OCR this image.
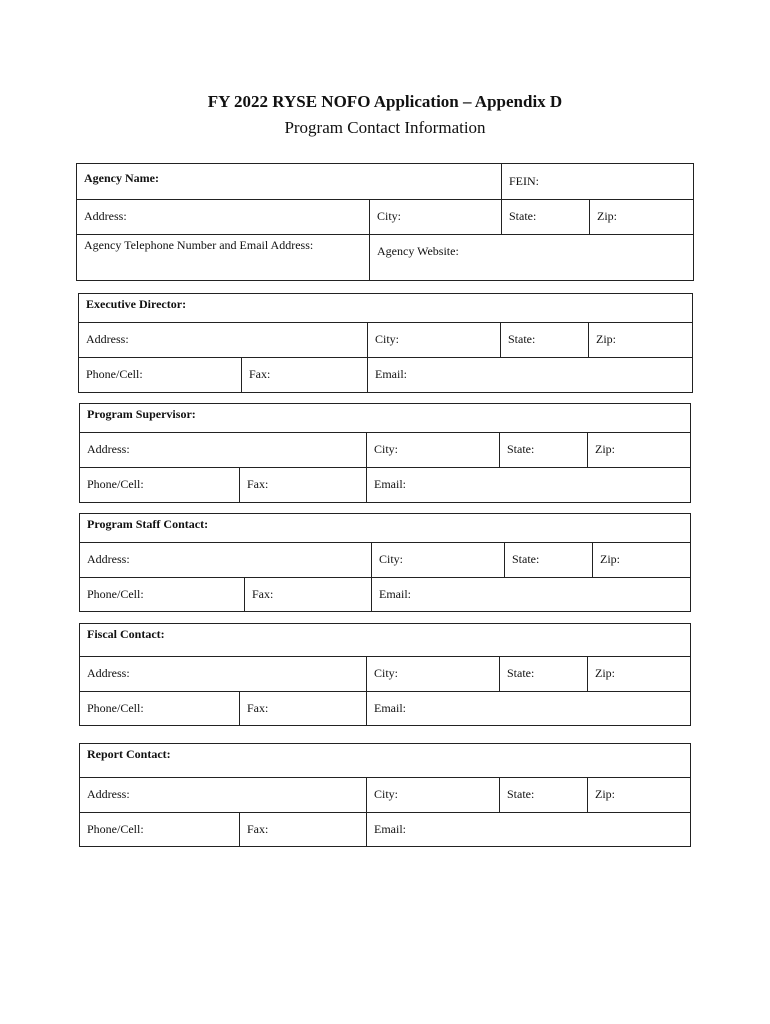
FY 2022 RYSE NOFO Application – Appendix D
Program Contact Information
Agency Name:	FEIN:
Address:	City:	State:	Zip:
Agency Telephone Number and Email Address:	Agency Website:
Executive Director:
Address:	City:	State:	Zip:
Phone/Cell:	Fax:	Email:
Program Supervisor:
Address:	City:	State:	Zip:
Phone/Cell:	Fax:	Email:
Program Staff Contact:
Address:	City:	State:	Zip:
Phone/Cell:	Fax:	Email:
Fiscal Contact:
Address:	City:	State:	Zip:
Phone/Cell:	Fax:	Email:
Report Contact:
Address:	City:	State:	Zip:
Phone/Cell:	Fax:	Email:
